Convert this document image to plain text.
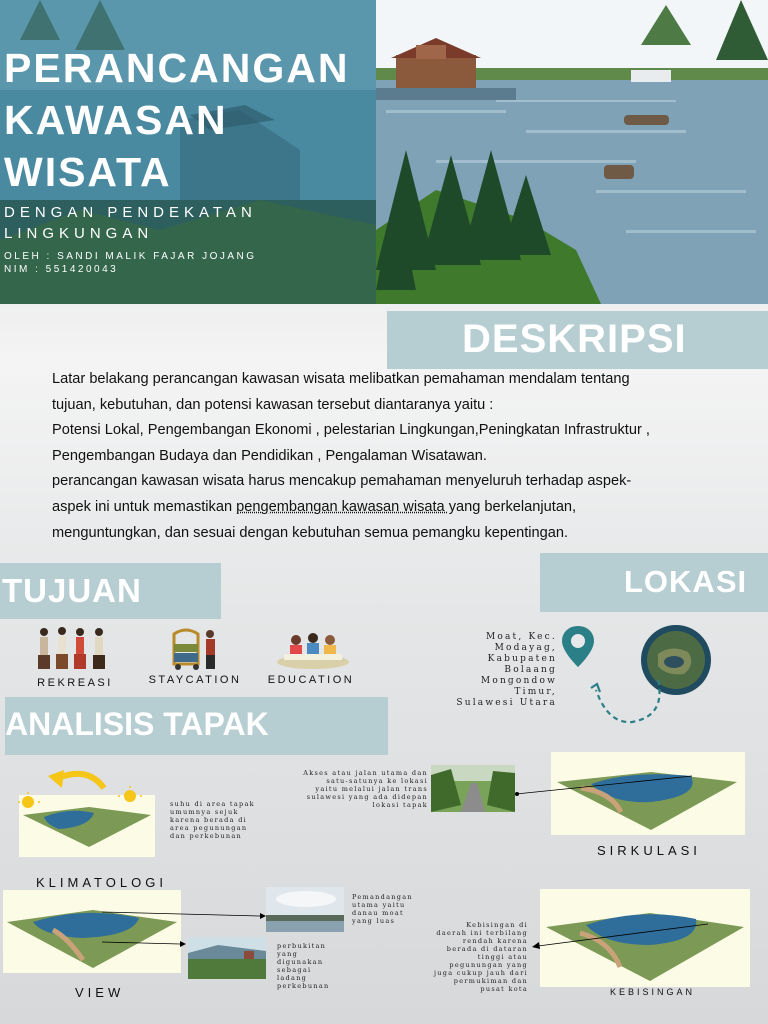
PERANCANGAN
KAWASAN
WISATA
DENGAN PENDEKATAN
LINGKUNGAN
OLEH : SANDI MALIK FAJAR JOJANG
NIM : 551420043
DESKRIPSI
Latar belakang perancangan kawasan wisata melibatkan pemahaman mendalam tentang
tujuan, kebutuhan, dan potensi kawasan tersebut diantaranya yaitu :
Potensi Lokal, Pengembangan Ekonomi , pelestarian Lingkungan,Peningkatan Infrastruktur ,
Pengembangan Budaya dan Pendidikan , Pengalaman Wisatawan.
perancangan kawasan wisata harus mencakup pemahaman menyeluruh terhadap aspek-
aspek ini untuk memastikan pengembangan kawasan wisata yang berkelanjutan,
menguntungkan, dan sesuai dengan kebutuhan semua pemangku kepentingan.
TUJUAN
REKREASI	STAYCATION	EDUCATION
LOKASI
Moat, Kec.
Modayag,
Kabupaten
Bolaang
Mongondow
Timur,
Sulawesi Utara
ANALISIS TAPAK
suhu di area tapak
umumnya sejuk
karena berada di
area pegunungan
dan perkebunan
KLIMATOLOGI
Akses atau jalan utama dan
satu-satunya ke lokasi
yaitu melalui jalan trans
sulawesi yang ada didepan
lokasi tapak
SIRKULASI
Pemandangan
utama yaitu
danau moat
yang luas
perbukitan
yang
digunakan
sebagai
ladang
perkebunan
VIEW
Kebisingan di
daerah ini terbilang
rendah karena
berada di dataran
tinggi atau
pegunungan yang
juga cukup jauh dari
permukiman dan
pusat kota	KEBISINGAN
